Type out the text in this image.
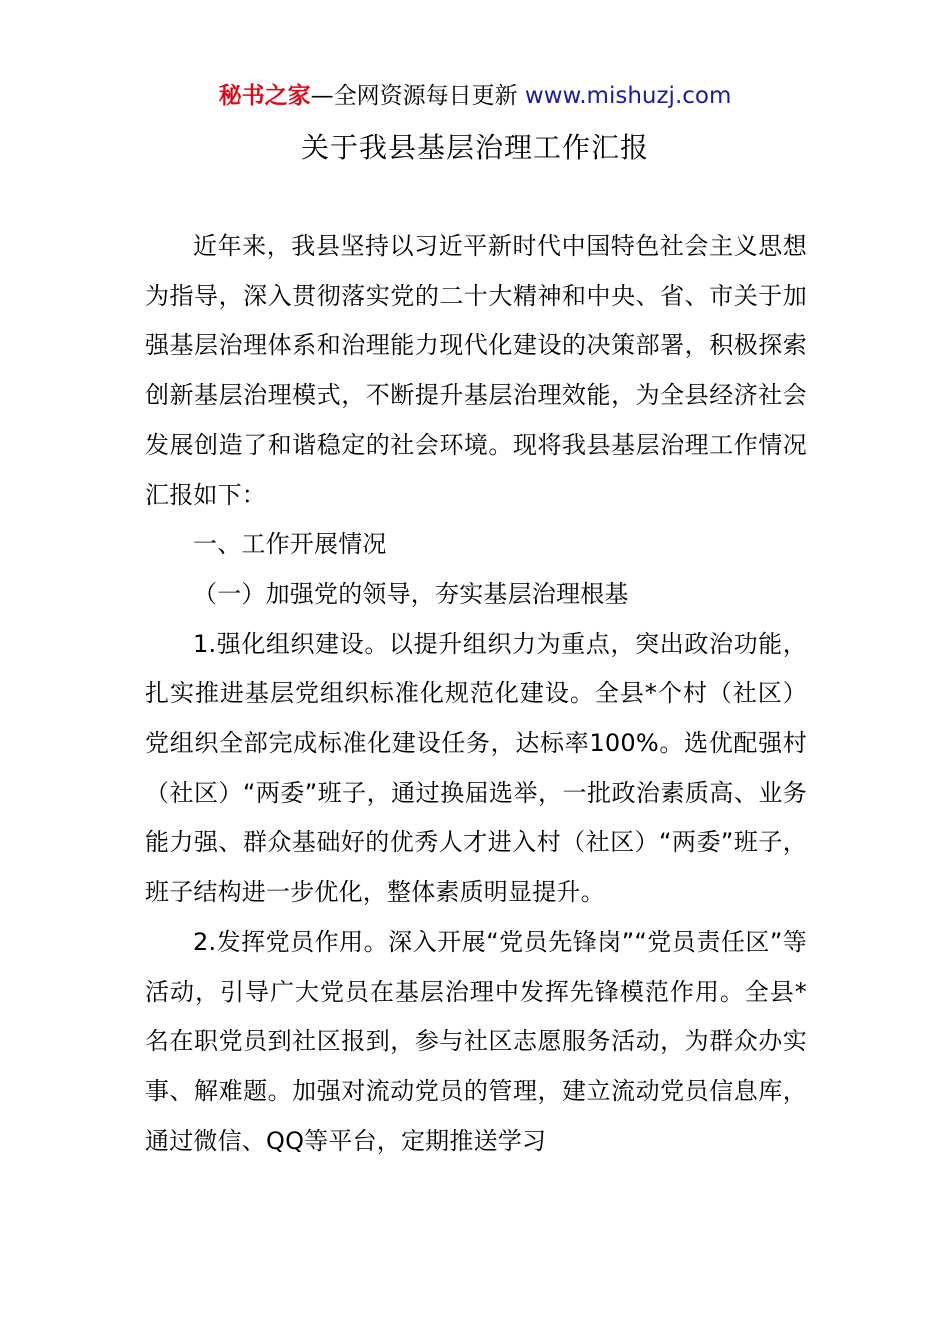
秘书之家—全网资源每日更新 www.mishuzj.com
关于我县基层治理工作汇报

近年来，我县坚持以习近平新时代中国特色社会主义思想为指导，深入贯彻落实党的二十大精神和中央、省、市关于加强基层治理体系和治理能力现代化建设的决策部署，积极探索创新基层治理模式，不断提升基层治理效能，为全县经济社会发展创造了和谐稳定的社会环境。现将我县基层治理工作情况汇报如下：

一、工作开展情况

（一）加强党的领导，夯实基层治理根基

1.强化组织建设。以提升组织力为重点，突出政治功能，扎实推进基层党组织标准化规范化建设。全县*个村（社区）党组织全部完成标准化建设任务，达标率100%。选优配强村（社区）“两委”班子，通过换届选举，一批政治素质高、业务能力强、群众基础好的优秀人才进入村（社区）“两委”班子，班子结构进一步优化，整体素质明显提升。

2.发挥党员作用。深入开展“党员先锋岗”“党员责任区”等活动，引导广大党员在基层治理中发挥先锋模范作用。全县*名在职党员到社区报到，参与社区志愿服务活动，为群众办实事、解难题。加强对流动党员的管理，建立流动党员信息库，通过微信、QQ等平台，定期推送学习
